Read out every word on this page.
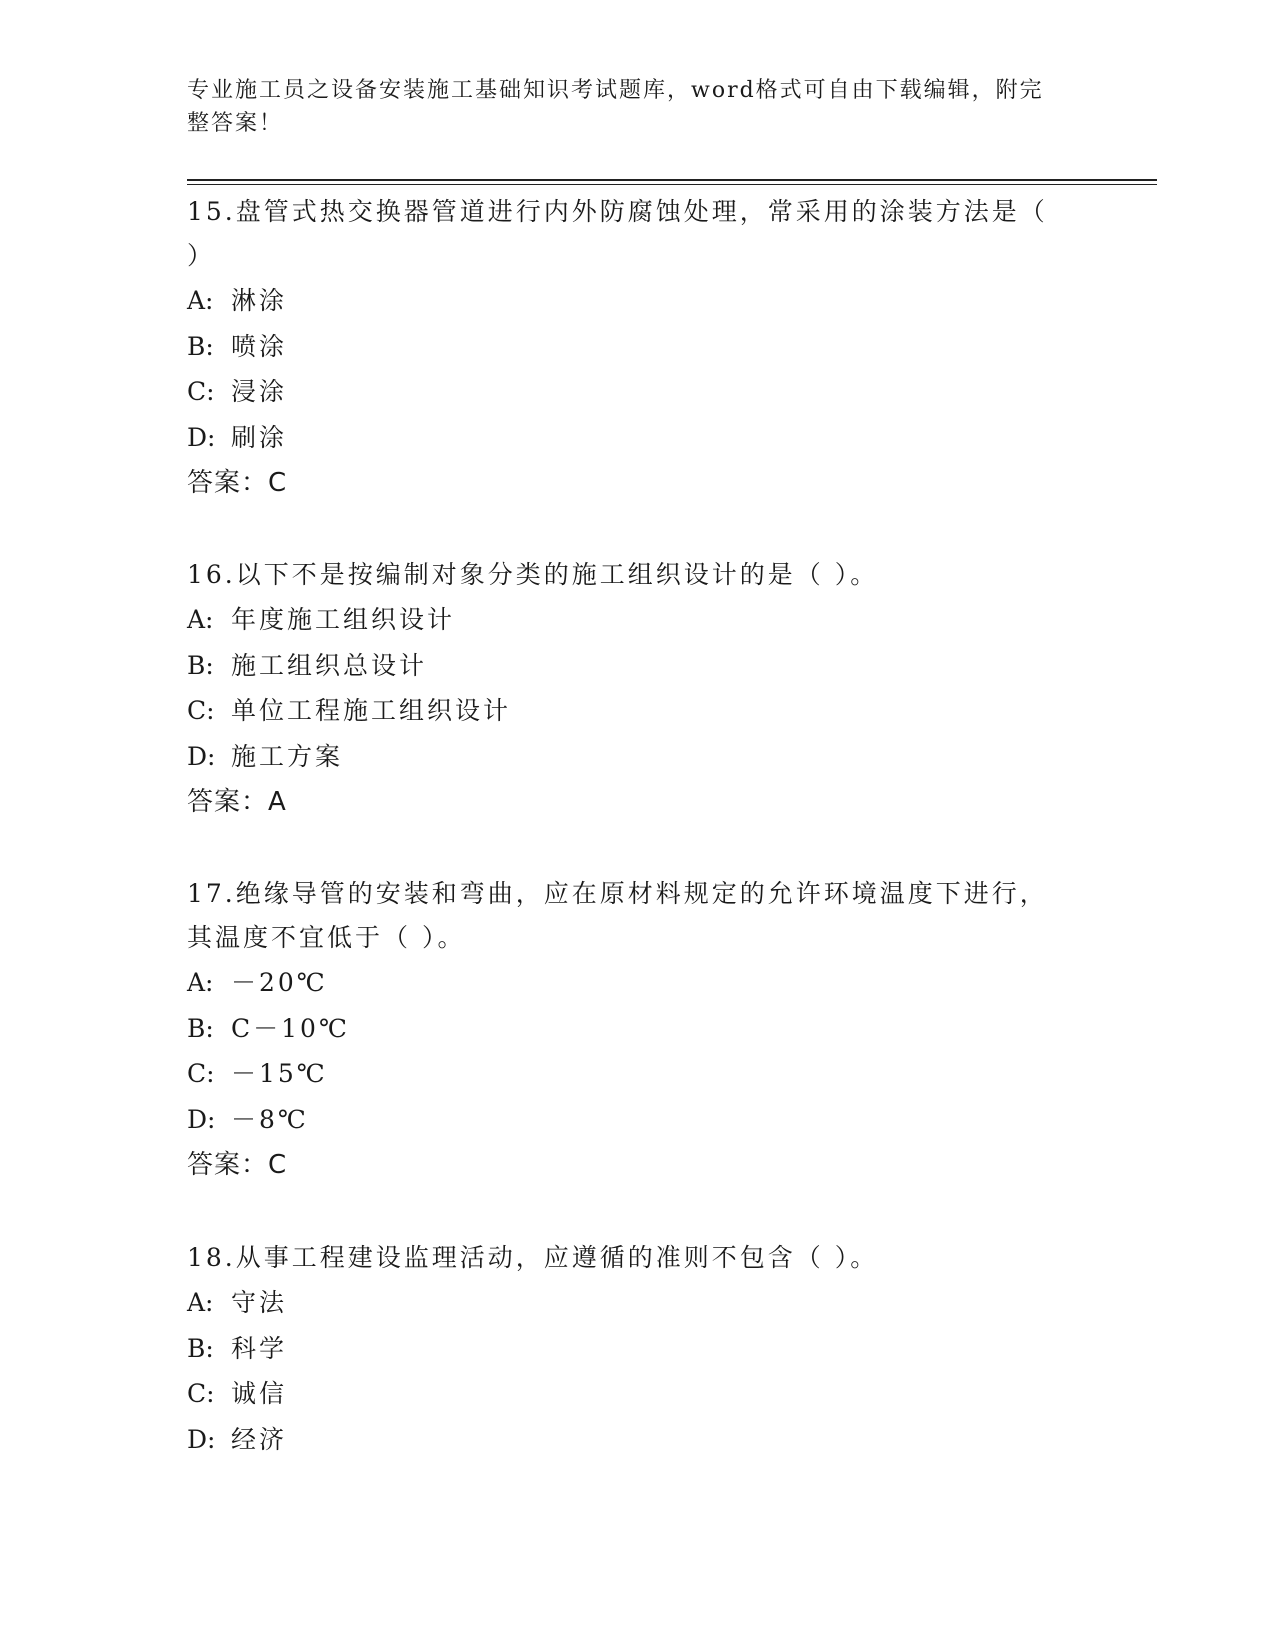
专业施工员之设备安装施工基础知识考试题库，word格式可自由下载编辑，附完整答案！
15.盘管式热交换器管道进行内外防腐蚀处理，常采用的涂装方法是（ ）
A: 淋涂
B: 喷涂
C: 浸涂
D: 刷涂
答案：C
16.以下不是按编制对象分类的施工组织设计的是（ ）。
A: 年度施工组织设计
B: 施工组织总设计
C: 单位工程施工组织设计
D: 施工方案
答案：A
17.绝缘导管的安装和弯曲，应在原材料规定的允许环境温度下进行，其温度不宜低于（ ）。
A: －20℃
B: C－10℃
C: －15℃
D: －8℃
答案：C
18.从事工程建设监理活动，应遵循的准则不包含（ ）。
A: 守法
B: 科学
C: 诚信
D: 经济
